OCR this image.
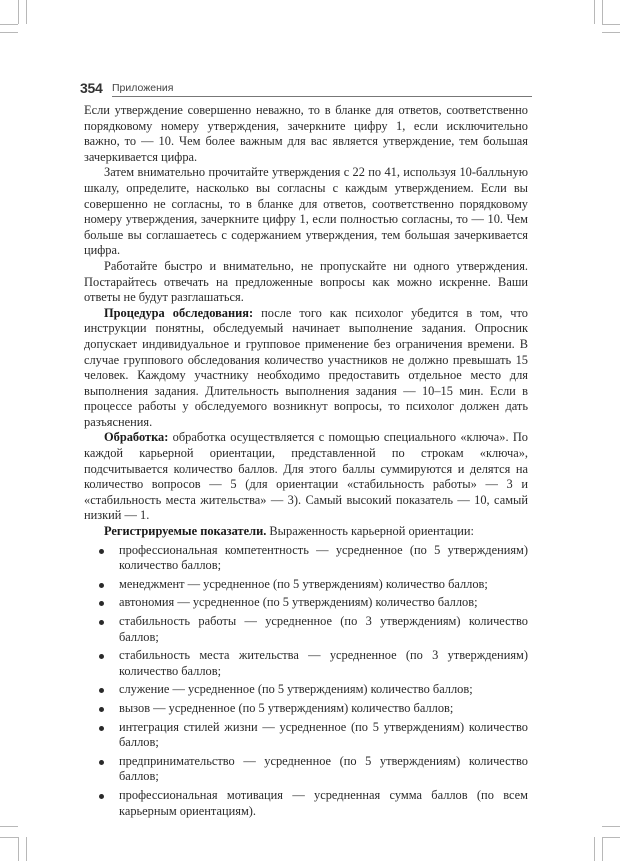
354 Приложения

Если утверждение совершенно неважно, то в бланке для ответов, соответственно порядковому номеру утверждения, зачеркните цифру 1, если исключительно важно, то — 10. Чем более важным для вас является утверждение, тем большая зачеркивается цифра.

Затем внимательно прочитайте утверждения с 22 по 41, используя 10-балльную шкалу, определите, насколько вы согласны с каждым утверждением. Если вы совершенно не согласны, то в бланке для ответов, соответственно порядковому номеру утверждения, зачеркните цифру 1, если полностью согласны, то — 10. Чем больше вы соглашаетесь с содержанием утверждения, тем большая зачеркивается цифра.

Работайте быстро и внимательно, не пропускайте ни одного утверждения. Постарайтесь отвечать на предложенные вопросы как можно искренне. Ваши ответы не будут разглашаться.

Процедура обследования: после того как психолог убедится в том, что инструкции понятны, обследуемый начинает выполнение задания. Опросник допускает индивидуальное и групповое применение без ограничения времени. В случае группового обследования количество участников не должно превышать 15 человек. Каждому участнику необходимо предоставить отдельное место для выполнения задания. Длительность выполнения задания — 10–15 мин. Если в процессе работы у обследуемого возникнут вопросы, то психолог должен дать разъяснения.

Обработка: обработка осуществляется с помощью специального «ключа». По каждой карьерной ориентации, представленной по строкам «ключа», подсчитывается количество баллов. Для этого баллы суммируются и делятся на количество вопросов — 5 (для ориентации «стабильность работы» — 3 и «стабильность места жительства» — 3). Самый высокий показатель — 10, самый низкий — 1.

Регистрируемые показатели. Выраженность карьерной ориентации:

профессиональная компетентность — усредненное (по 5 утверждениям) количество баллов;
менеджмент — усредненное (по 5 утверждениям) количество баллов;
автономия — усредненное (по 5 утверждениям) количество баллов;
стабильность работы — усредненное (по 3 утверждениям) количество баллов;
стабильность места жительства — усредненное (по 3 утверждениям) количество баллов;
служение — усредненное (по 5 утверждениям) количество баллов;
вызов — усредненное (по 5 утверждениям) количество баллов;
интеграция стилей жизни — усредненное (по 5 утверждениям) количество баллов;
предпринимательство — усредненное (по 5 утверждениям) количество баллов;
профессиональная мотивация — усредненная сумма баллов (по всем карьерным ориентациям).
